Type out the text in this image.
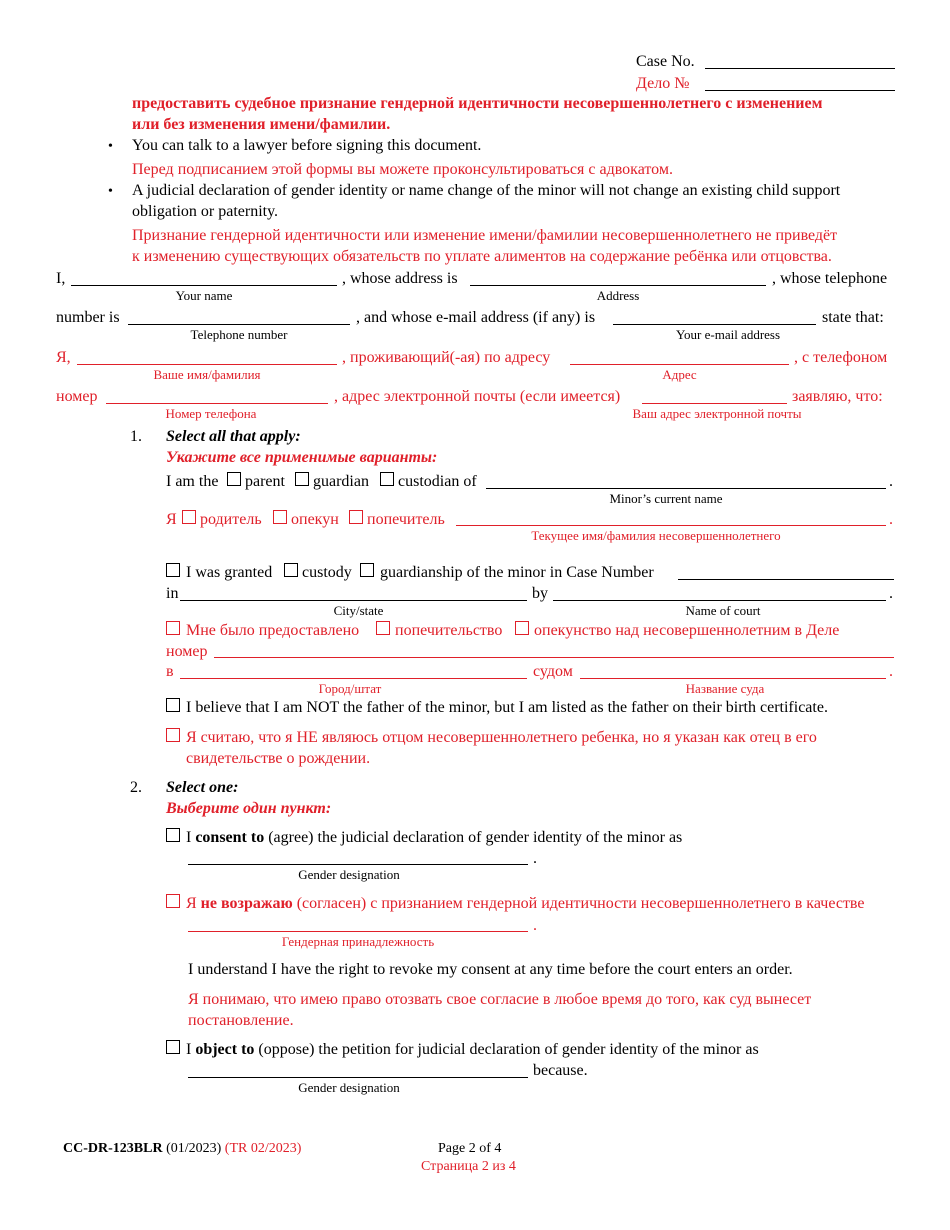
Case No.
Дело №
предоставить судебное признание гендерной идентичности несовершеннолетнего с изменением
или без изменения имени/фамилии.
• You can talk to a lawyer before signing this document.
Перед подписанием этой формы вы можете проконсультироваться с адвокатом.
• A judicial declaration of gender identity or name change of the minor will not change an existing child support
obligation or paternity.
Признание гендерной идентичности или изменение имени/фамилии несовершеннолетнего не приведёт
к изменению существующих обязательств по уплате алиментов на содержание ребёнка или отцовства.
I,	, whose address is	, whose telephone
Your name	Address
number is	, and whose e-mail address (if any) is	state that:
Telephone number	Your e-mail address
Я,	, проживающий(-ая) по адресу	, с телефоном
Ваше имя/фамилия	Адрес
номер	, адрес электронной почты (если имеется)	заявляю, что:
Номер телефона	Ваш адрес электронной почты
1. Select all that apply:
Укажите все применимые варианты:
I am the parent guardian custodian of	.
Minor’s current name
Я родитель опекун попечитель	.
Текущее имя/фамилия несовершеннолетнего
I was granted custody guardianship of the minor in Case Number
in	by	.
City/state	Name of court
Мне было предоставлено попечительство опекунство над несовершеннолетним в Деле
номер
в	судом	.
Город/штат	Название суда
I believe that I am NOT the father of the minor, but I am listed as the father on their birth certificate.
Я считаю, что я НЕ являюсь отцом несовершеннолетнего ребенка, но я указан как отец в его
свидетельстве о рождении.
2. Select one:
Выберите один пункт:
I consent to (agree) the judicial declaration of gender identity of the minor as
.
Gender designation
Я не возражаю (согласен) с признанием гендерной идентичности несовершеннолетнего в качестве
.
Гендерная принадлежность
I understand I have the right to revoke my consent at any time before the court enters an order.
Я понимаю, что имею право отозвать свое согласие в любое время до того, как суд вынесет
постановление.
I object to (oppose) the petition for judicial declaration of gender identity of the minor as
because.
Gender designation
CC-DR-123BLR (01/2023) (TR 02/2023)	Page 2 of 4
Страница 2 из 4
